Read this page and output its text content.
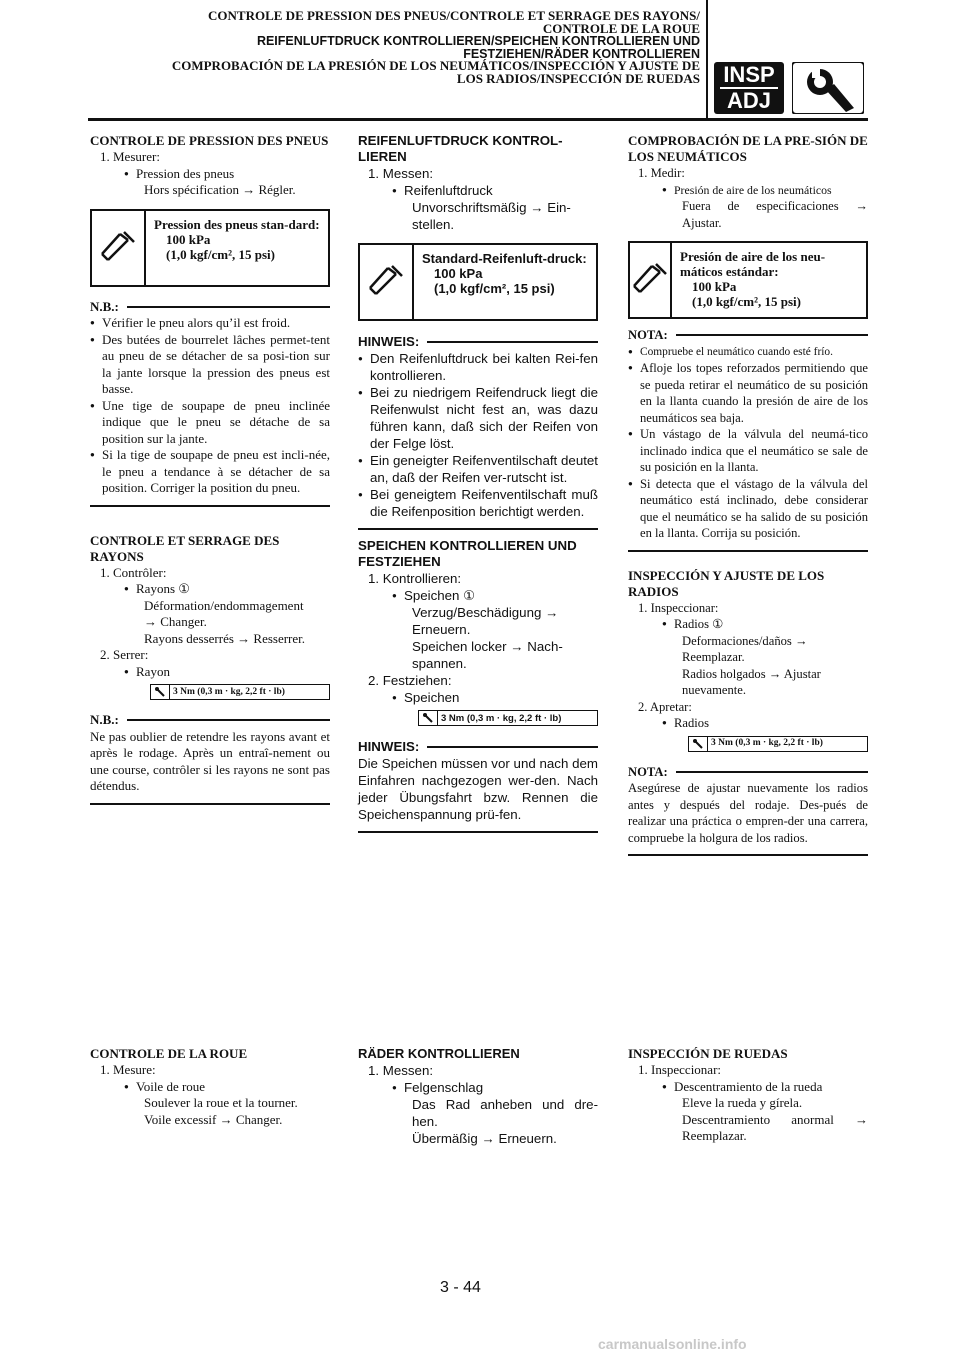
CONTROLE DE PRESSION DES PNEUS/CONTROLE ET SERRAGE DES RAYONS/
CONTROLE DE LA ROUE
REIFENLUFTDRUCK KONTROLLIEREN/SPEICHEN KONTROLLIEREN UND
FESTZIEHEN/RÄDER KONTROLLIEREN
COMPROBACIÓN DE LA PRESIÓN DE LOS NEUMÁTICOS/INSPECCIÓN Y AJUSTE DE
LOS RADIOS/INSPECCIÓN DE RUEDAS	INSP
ADJ
CONTROLE DE PRESSION DES PNEUS
1. Mesurer:
● Pression des pneus
Hors spécification → Régler.
Pression des pneus stan-dard:
100 kPa
(1,0 kgf/cm², 15 psi)
N.B.:
● Vérifier le pneu alors qu’il est froid.
● Des butées de bourrelet lâches permet-tent au pneu de se détacher de sa posi-tion sur la jante lorsque la pression des pneus est basse.
● Une tige de soupape de pneu inclinée indique que le pneu se détache de sa position sur la jante.
● Si la tige de soupape de pneu est incli-née, le pneu a tendance à se détacher de sa position. Corriger la position du pneu.
CONTROLE ET SERRAGE DES RAYONS
1. Contrôler:
● Rayons ①
Déformation/endommagement
→ Changer.
Rayons desserrés → Resserrer.
2. Serrer:
● Rayon
3 Nm (0,3 m · kg, 2,2 ft · lb)
N.B.:
Ne pas oublier de retendre les rayons avant et après le rodage. Après un entraî-nement ou une course, contrôler si les rayons ne sont pas détendus.
REIFENLUFTDRUCK KONTROL-LIEREN
1. Messen:
● Reifenluftdruck
Unvorschriftsmäßig → Ein-stellen.
Standard-Reifenluft-druck:
100 kPa
(1,0 kgf/cm², 15 psi)
HINWEIS:
● Den Reifenluftdruck bei kalten Rei-fen kontrollieren.
● Bei zu niedrigem Reifendruck liegt die Reifenwulst nicht fest an, was dazu führen kann, daß sich der Reifen von der Felge löst.
● Ein geneigter Reifenventilschaft deutet an, daß der Reifen ver-rutscht ist.
● Bei geneigtem Reifenventilschaft muß die Reifenposition berichtigt werden.
SPEICHEN KONTROLLIEREN UND FESTZIEHEN
1. Kontrollieren:
● Speichen ①
Verzug/Beschädigung →
Erneuern.
Speichen locker → Nach-spannen.
2. Festziehen:
● Speichen
3 Nm (0,3 m · kg, 2,2 ft · lb)
HINWEIS:
Die Speichen müssen vor und nach dem Einfahren nachgezogen wer-den. Nach jeder Übungsfahrt bzw. Rennen die Speichenspannung prü-fen.
COMPROBACIÓN DE LA PRE-SIÓN DE LOS NEUMÁTICOS
1. Medir:
● Presión de aire de los neumáticos
Fuera de especificaciones → Ajustar.
Presión de aire de los neu-máticos estándar:
100 kPa
(1,0 kgf/cm², 15 psi)
NOTA:
● Compruebe el neumático cuando esté frío.
● Afloje los topes reforzados permitiendo que se pueda retirar el neumático de su posición en la llanta cuando la presión de aire de los neumáticos sea baja.
● Un vástago de la válvula del neumá-tico inclinado indica que el neumático se sale de su posición en la llanta.
● Si detecta que el vástago de la válvula del neumático está inclinado, debe considerar que el neumático se ha salido de su posición en la llanta. Corrija su posición.
INSPECCIÓN Y AJUSTE DE LOS RADIOS
1. Inspeccionar:
● Radios ①
Deformaciones/daños →
Reemplazar.
Radios holgados → Ajustar nuevamente.
2. Apretar:
● Radios
3 Nm (0,3 m · kg, 2,2 ft · lb)
NOTA:
Asegúrese de ajustar nuevamente los radios antes y después del rodaje. Des-pués de realizar una práctica o empren-der una carrera, compruebe la holgura de los radios.
CONTROLE DE LA ROUE
1. Mesure:
● Voile de roue
Soulever la roue et la tourner.
Voile excessif → Changer.
RÄDER KONTROLLIEREN
1. Messen:
● Felgenschlag
Das Rad anheben und dre-hen.
Übermäßig → Erneuern.
INSPECCIÓN DE RUEDAS
1. Inspeccionar:
● Descentramiento de la rueda
Eleve la rueda y gírela.
Descentramiento anormal → Reemplazar.
3 - 44
carmanualsonline.info
